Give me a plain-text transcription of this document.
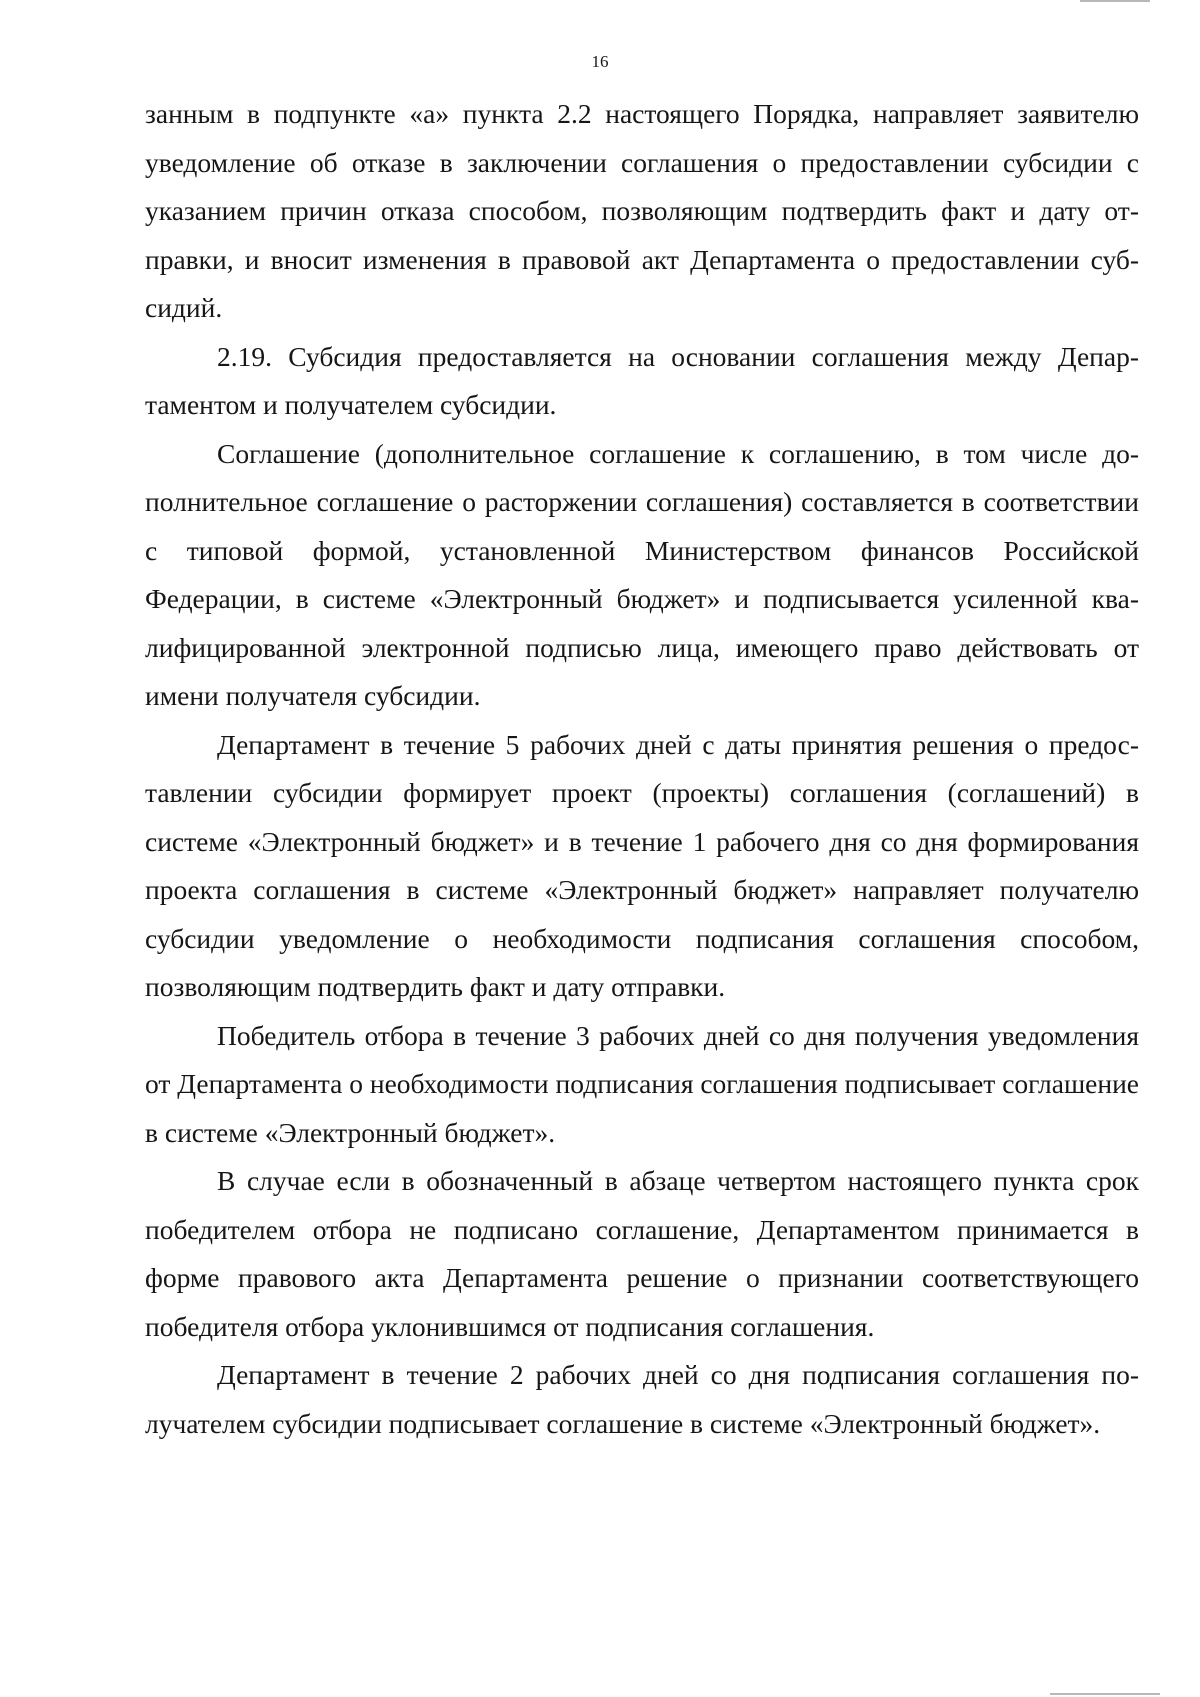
16

занным в подпункте «а» пункта 2.2 настоящего Порядка, направляет заявителю уведомление об отказе в заключении соглашения о предоставлении субсидии с указанием причин отказа способом, позволяющим подтвердить факт и дату отправки, и вносит изменения в правовой акт Департамента о предоставлении субсидий.

2.19. Субсидия предоставляется на основании соглашения между Департаментом и получателем субсидии.

Соглашение (дополнительное соглашение к соглашению, в том числе дополнительное соглашение о расторжении соглашения) составляется в соответствии с типовой формой, установленной Министерством финансов Российской Федерации, в системе «Электронный бюджет» и подписывается усиленной квалифицированной электронной подписью лица, имеющего право действовать от имени получателя субсидии.

Департамент в течение 5 рабочих дней с даты принятия решения о предоставлении субсидии формирует проект (проекты) соглашения (соглашений) в системе «Электронный бюджет» и в течение 1 рабочего дня со дня формирования проекта соглашения в системе «Электронный бюджет» направляет получателю субсидии уведомление о необходимости подписания соглашения способом, позволяющим подтвердить факт и дату отправки.

Победитель отбора в течение 3 рабочих дней со дня получения уведомления от Департамента о необходимости подписания соглашения подписывает соглашение в системе «Электронный бюджет».

В случае если в обозначенный в абзаце четвертом настоящего пункта срок победителем отбора не подписано соглашение, Департаментом принимается в форме правового акта Департамента решение о признании соответствующего победителя отбора уклонившимся от подписания соглашения.

Департамент в течение 2 рабочих дней со дня подписания соглашения получателем субсидии подписывает соглашение в системе «Электронный бюджет».
